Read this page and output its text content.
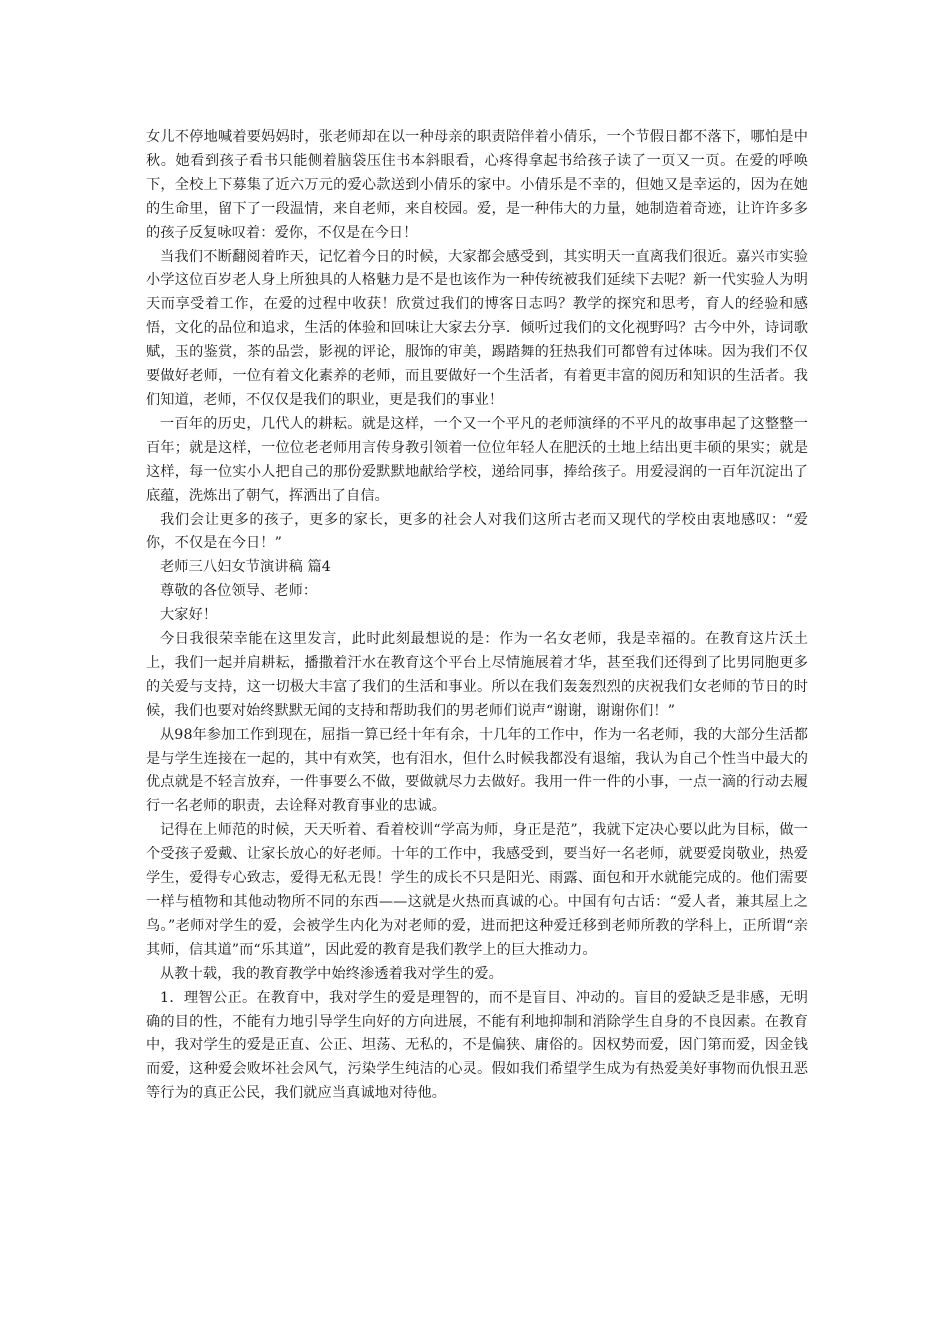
女儿不停地喊着要妈妈时，张老师却在以一种母亲的职责陪伴着小倩乐，一个节假日都不落下，哪怕是中秋。她看到孩子看书只能侧着脑袋压住书本斜眼看，心疼得拿起书给孩子读了一页又一页。在爱的呼唤下，全校上下募集了近六万元的爱心款送到小倩乐的家中。小倩乐是不幸的，但她又是幸运的，因为在她的生命里，留下了一段温情，来自老师，来自校园。爱，是一种伟大的力量，她制造着奇迹，让许许多多的孩子反复咏叹着：爱你，不仅是在今日！

当我们不断翻阅着昨天，记忆着今日的时候，大家都会感受到，其实明天一直离我们很近。嘉兴市实验小学这位百岁老人身上所独具的人格魅力是不是也该作为一种传统被我们延续下去呢？新一代实验人为明天而享受着工作，在爱的过程中收获！欣赏过我们的博客日志吗？教学的探究和思考，育人的经验和感悟，文化的品位和追求，生活的体验和回味让大家去分享．倾听过我们的文化视野吗？古今中外，诗词歌赋，玉的鉴赏，茶的品尝，影视的评论，服饰的审美，踢踏舞的狂热我们可都曾有过体味。因为我们不仅要做好老师，一位有着文化素养的老师，而且要做好一个生活者，有着更丰富的阅历和知识的生活者。我们知道，老师，不仅仅是我们的职业，更是我们的事业！

一百年的历史，几代人的耕耘。就是这样，一个又一个平凡的老师演绎的不平凡的故事串起了这整整一百年；就是这样，一位位老老师用言传身教引领着一位位年轻人在肥沃的土地上结出更丰硕的果实；就是这样，每一位实小人把自己的那份爱默默地献给学校，递给同事，捧给孩子。用爱浸润的一百年沉淀出了底蕴，洗炼出了朝气，挥洒出了自信。

我们会让更多的孩子，更多的家长，更多的社会人对我们这所古老而又现代的学校由衷地感叹：“爱你，不仅是在今日！”

老师三八妇女节演讲稿 篇4

尊敬的各位领导、老师：

大家好！

今日我很荣幸能在这里发言，此时此刻最想说的是：作为一名女老师，我是幸福的。在教育这片沃土上，我们一起并肩耕耘，播撒着汗水在教育这个平台上尽情施展着才华，甚至我们还得到了比男同胞更多的关爱与支持，这一切极大丰富了我们的生活和事业。所以在我们轰轰烈烈的庆祝我们女老师的节日的时候，我们也要对始终默默无闻的支持和帮助我们的男老师们说声“谢谢，谢谢你们！”

从98年参加工作到现在，屈指一算已经十年有余，十几年的工作中，作为一名老师，我的大部分生活都是与学生连接在一起的，其中有欢笑，也有泪水，但什么时候我都没有退缩，我认为自己个性当中最大的优点就是不轻言放弃，一件事要么不做，要做就尽力去做好。我用一件一件的小事，一点一滴的行动去履行一名老师的职责，去诠释对教育事业的忠诚。

记得在上师范的时候，天天听着、看着校训“学高为师，身正是范”，我就下定决心要以此为目标，做一个受孩子爱戴、让家长放心的好老师。十年的工作中，我感受到，要当好一名老师，就要爱岗敬业，热爱学生，爱得专心致志，爱得无私无畏！学生的成长不只是阳光、雨露、面包和开水就能完成的。他们需要一样与植物和其他动物所不同的东西——这就是火热而真诚的心。中国有句古话：“爱人者，兼其屋上之鸟。”老师对学生的爱，会被学生内化为对老师的爱，进而把这种爱迁移到老师所教的学科上，正所谓“亲其师，信其道”而“乐其道”，因此爱的教育是我们教学上的巨大推动力。

从教十载，我的教育教学中始终渗透着我对学生的爱。

1．理智公正。在教育中，我对学生的爱是理智的，而不是盲目、冲动的。盲目的爱缺乏是非感，无明确的目的性，不能有力地引导学生向好的方向进展，不能有利地抑制和消除学生自身的不良因素。在教育中，我对学生的爱是正直、公正、坦荡、无私的，不是偏狭、庸俗的。因权势而爱，因门第而爱，因金钱而爱，这种爱会败坏社会风气，污染学生纯洁的心灵。假如我们希望学生成为有热爱美好事物而仇恨丑恶等行为的真正公民，我们就应当真诚地对待他。
